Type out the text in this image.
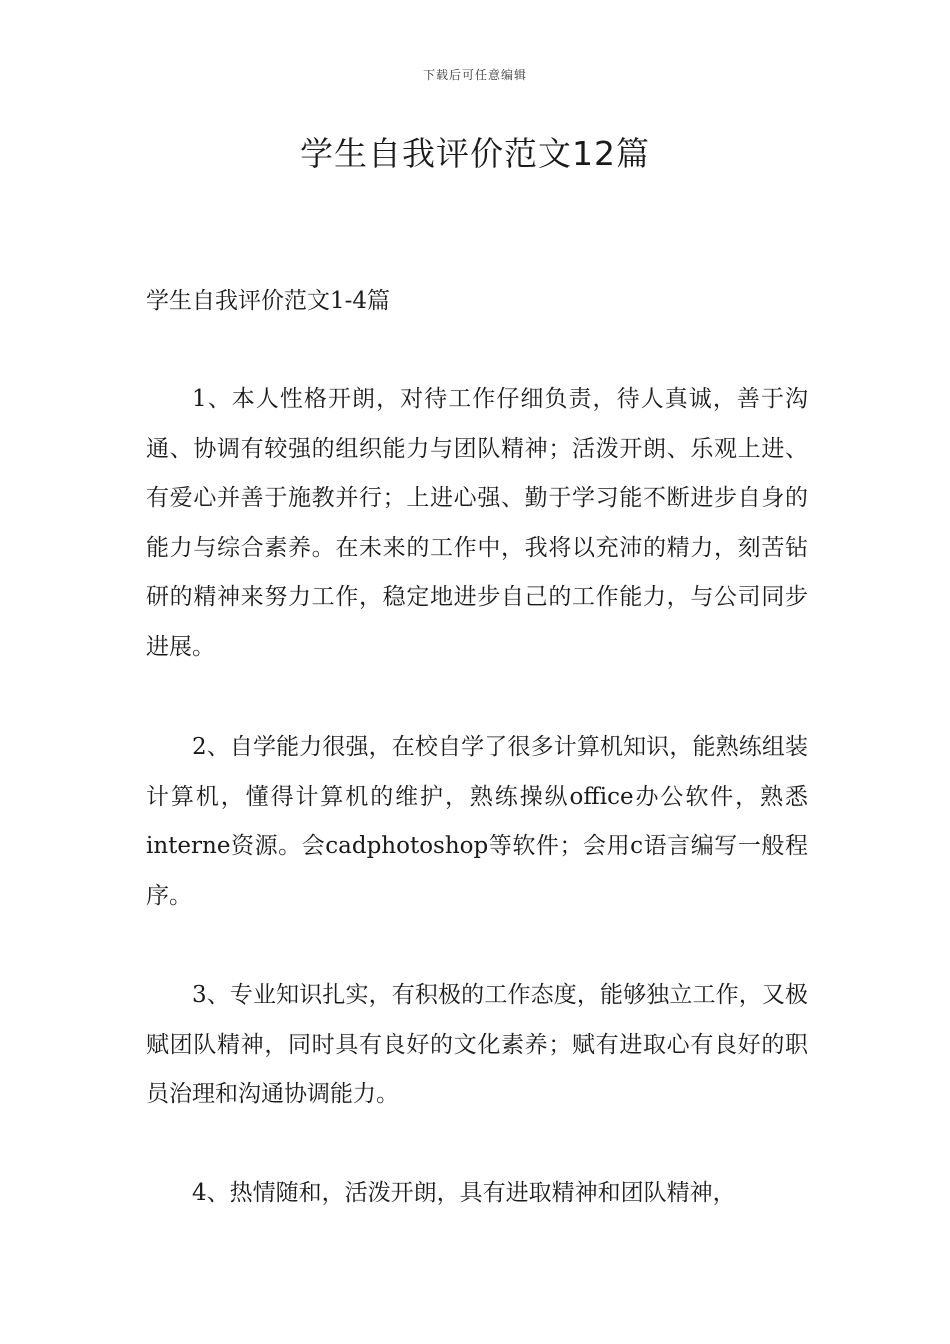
下载后可任意编辑
学生自我评价范文12篇
学生自我评价范文1-4篇

1、本人性格开朗，对待工作仔细负责，待人真诚，善于沟通、协调有较强的组织能力与团队精神；活泼开朗、乐观上进、有爱心并善于施教并行；上进心强、勤于学习能不断进步自身的能力与综合素养。在未来的工作中，我将以充沛的精力，刻苦钻研的精神来努力工作，稳定地进步自己的工作能力，与公司同步进展。

2、自学能力很强，在校自学了很多计算机知识，能熟练组装计算机，懂得计算机的维护，熟练操纵office办公软件，熟悉interne资源。会cadphotoshop等软件；会用c语言编写一般程序。

3、专业知识扎实，有积极的工作态度，能够独立工作，又极赋团队精神，同时具有良好的文化素养；赋有进取心有良好的职员治理和沟通协调能力。

4、热情随和，活泼开朗，具有进取精神和团队精神，
